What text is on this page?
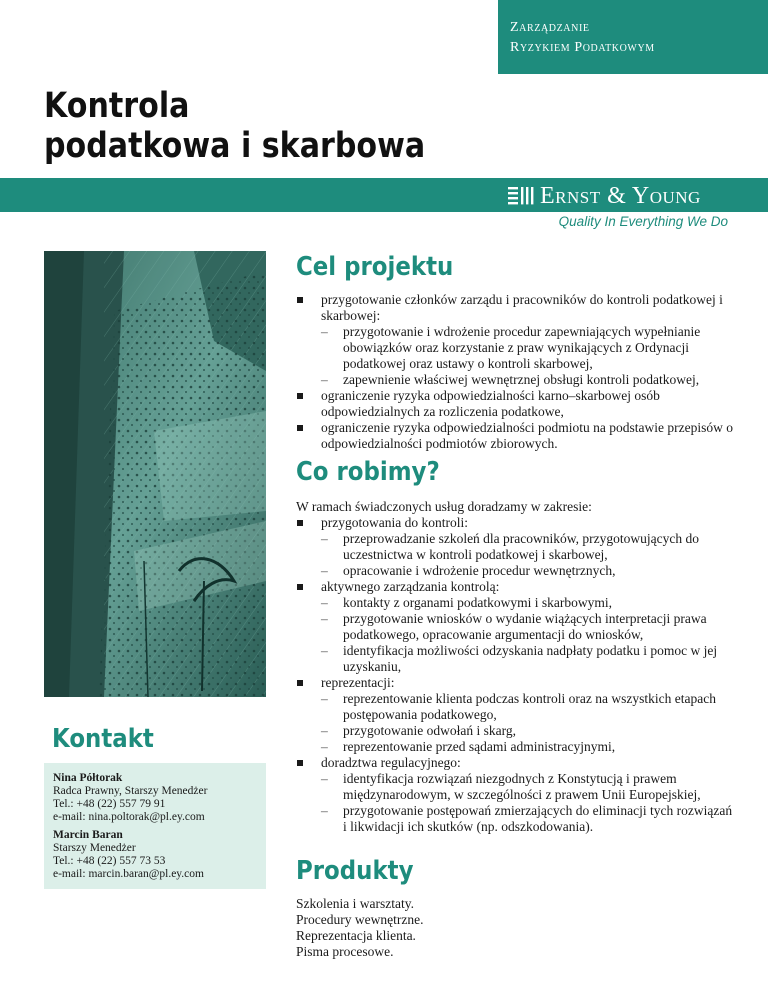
Zarządzanie
Ryzykiem Podatkowym
Kontrola
podatkowa i skarbowa
Ernst & Young
Quality In Everything We Do
Kontakt
Nina Półtorak
Radca Prawny, Starszy Menedżer
Tel.: +48 (22) 557 79 91
e-mail: nina.poltorak@pl.ey.com
Marcin Baran
Starszy Menedżer
Tel.: +48 (22) 557 73 53
e-mail: marcin.baran@pl.ey.com
Cel projektu
przygotowanie członków zarządu i pracowników do kontroli podatkowej i skarbowej:
– przygotowanie i wdrożenie procedur zapewniających wypełnianie obowiązków oraz korzystanie z praw wynikających z Ordynacji podatkowej oraz ustawy o kontroli skarbowej,
– zapewnienie właściwej wewnętrznej obsługi kontroli podatkowej,
ograniczenie ryzyka odpowiedzialności karno–skarbowej osób odpowiedzialnych za rozliczenia podatkowe,
ograniczenie ryzyka odpowiedzialności podmiotu na podstawie przepisów o odpowiedzialności podmiotów zbiorowych.
Co robimy?
W ramach świadczonych usług doradzamy w zakresie:
przygotowania do kontroli:
– przeprowadzanie szkoleń dla pracowników, przygotowujących do uczestnictwa w kontroli podatkowej i skarbowej,
– opracowanie i wdrożenie procedur wewnętrznych,
aktywnego zarządzania kontrolą:
– kontakty z organami podatkowymi i skarbowymi,
– przygotowanie wniosków o wydanie wiążących interpretacji prawa podatkowego, opracowanie argumentacji do wniosków,
– identyfikacja możliwości odzyskania nadpłaty podatku i pomoc w jej uzyskaniu,
reprezentacji:
– reprezentowanie klienta podczas kontroli oraz na wszystkich etapach postępowania podatkowego,
– przygotowanie odwołań i skarg,
– reprezentowanie przed sądami administracyjnymi,
doradztwa regulacyjnego:
– identyfikacja rozwiązań niezgodnych z Konstytucją i prawem międzynarodowym, w szczególności z prawem Unii Europejskiej,
– przygotowanie postępowań zmierzających do eliminacji tych rozwiązań i likwidacji ich skutków (np. odszkodowania).
Produkty
Szkolenia i warsztaty.
Procedury wewnętrzne.
Reprezentacja klienta.
Pisma procesowe.
